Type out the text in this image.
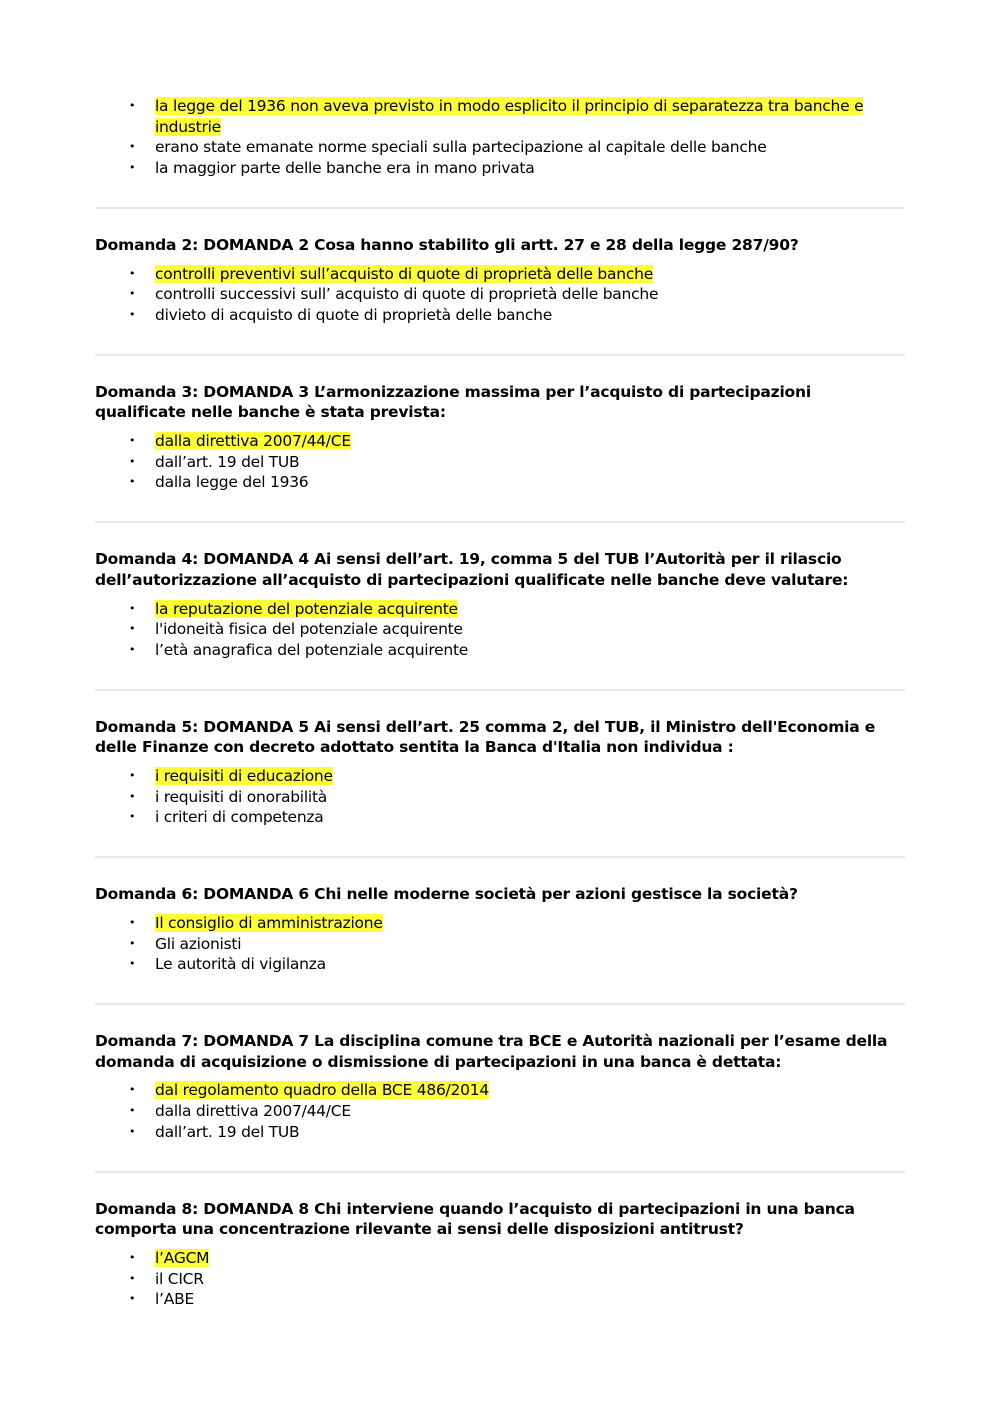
• la legge del 1936 non aveva previsto in modo esplicito il principio di separatezza tra banche e industrie
• erano state emanate norme speciali sulla partecipazione al capitale delle banche
• la maggior parte delle banche era in mano privata

Domanda 2: DOMANDA 2 Cosa hanno stabilito gli artt. 27 e 28 della legge 287/90?

• controlli preventivi sull’acquisto di quote di proprietà delle banche
• controlli successivi sull’ acquisto di quote di proprietà delle banche
• divieto di acquisto di quote di proprietà delle banche

Domanda 3: DOMANDA 3 L’armonizzazione massima per l’acquisto di partecipazioni qualificate nelle banche è stata prevista:

• dalla direttiva 2007/44/CE
• dall’art. 19 del TUB
• dalla legge del 1936

Domanda 4: DOMANDA 4 Ai sensi dell’art. 19, comma 5 del TUB l’Autorità per il rilascio dell’autorizzazione all’acquisto di partecipazioni qualificate nelle banche deve valutare:

• la reputazione del potenziale acquirente
• l'idoneità fisica del potenziale acquirente
• l’età anagrafica del potenziale acquirente

Domanda 5: DOMANDA 5 Ai sensi dell’art. 25 comma 2, del TUB, il Ministro dell'Economia e delle Finanze con decreto adottato sentita la Banca d'Italia non individua :

• i requisiti di educazione
• i requisiti di onorabilità
• i criteri di competenza

Domanda 6: DOMANDA 6 Chi nelle moderne società per azioni gestisce la società?

• Il consiglio di amministrazione
• Gli azionisti
• Le autorità di vigilanza

Domanda 7: DOMANDA 7 La disciplina comune tra BCE e Autorità nazionali per l’esame della domanda di acquisizione o dismissione di partecipazioni in una banca è dettata:

• dal regolamento quadro della BCE 486/2014
• dalla direttiva 2007/44/CE
• dall’art. 19 del TUB

Domanda 8: DOMANDA 8 Chi interviene quando l’acquisto di partecipazioni in una banca comporta una concentrazione rilevante ai sensi delle disposizioni antitrust?

• l’AGCM
• il CICR
• l’ABE
